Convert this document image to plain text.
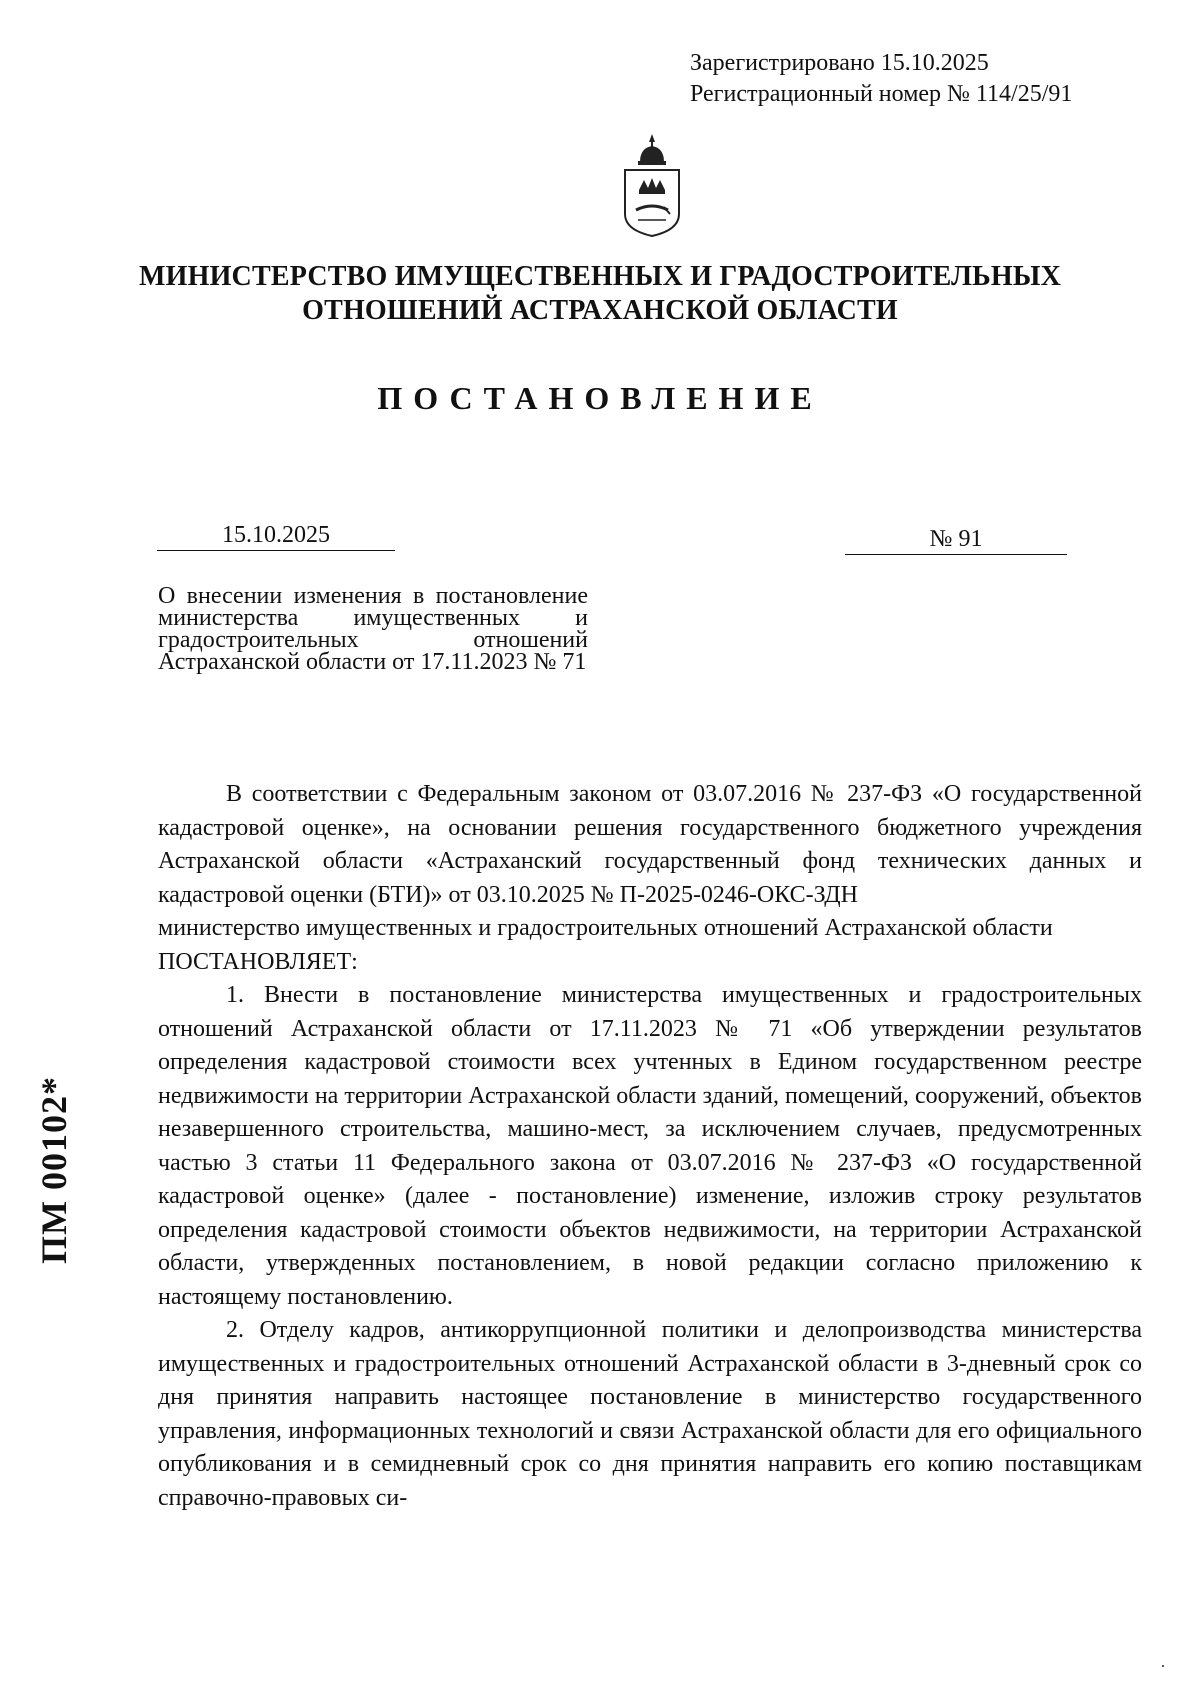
Зарегистрировано 15.10.2025
Регистрационный номер № 114/25/91
МИНИСТЕРСТВО ИМУЩЕСТВЕННЫХ И ГРАДОСТРОИТЕЛЬНЫХ
ОТНОШЕНИЙ АСТРАХАНСКОЙ ОБЛАСТИ
ПОСТАНОВЛЕНИЕ
15.10.2025	№ 91
О внесении изменения в постановление министерства имущественных и градостроительных отношений Астраханской области от 17.11.2023 № 71

В соответствии с Федеральным законом от 03.07.2016 № 237-ФЗ «О государственной кадастровой оценке», на основании решения государственного бюджетного учреждения Астраханской области «Астраханский государственный фонд технических данных и кадастровой оценки (БТИ)» от 03.10.2025 № П-2025-0246-ОКС-ЗДН

министерство имущественных и градостроительных отношений Астраханской области ПОСТАНОВЛЯЕТ:

1. Внести в постановление министерства имущественных и градостроительных отношений Астраханской области от 17.11.2023 № 71 «Об утверждении результатов определения кадастровой стоимости всех учтенных в Едином государственном реестре недвижимости на территории Астраханской области зданий, помещений, сооружений, объектов незавершенного строительства, машино-мест, за исключением случаев, предусмотренных частью 3 статьи 11 Федерального закона от 03.07.2016 № 237-ФЗ «О государственной кадастровой оценке» (далее - постановление) изменение, изложив строку результатов определения кадастровой стоимости объектов недвижимости, на территории Астраханской области, утвержденных постановлением, в новой редакции согласно приложению к настоящему постановлению.

2. Отделу кадров, антикоррупционной политики и делопроизводства министерства имущественных и градостроительных отношений Астраханской области в 3-дневный срок со дня принятия направить настоящее постановление в министерство государственного управления, информационных технологий и связи Астраханской области для его официального опубликования и в семидневный срок со дня принятия направить его копию поставщикам справочно-правовых си-

ПМ 00102*
